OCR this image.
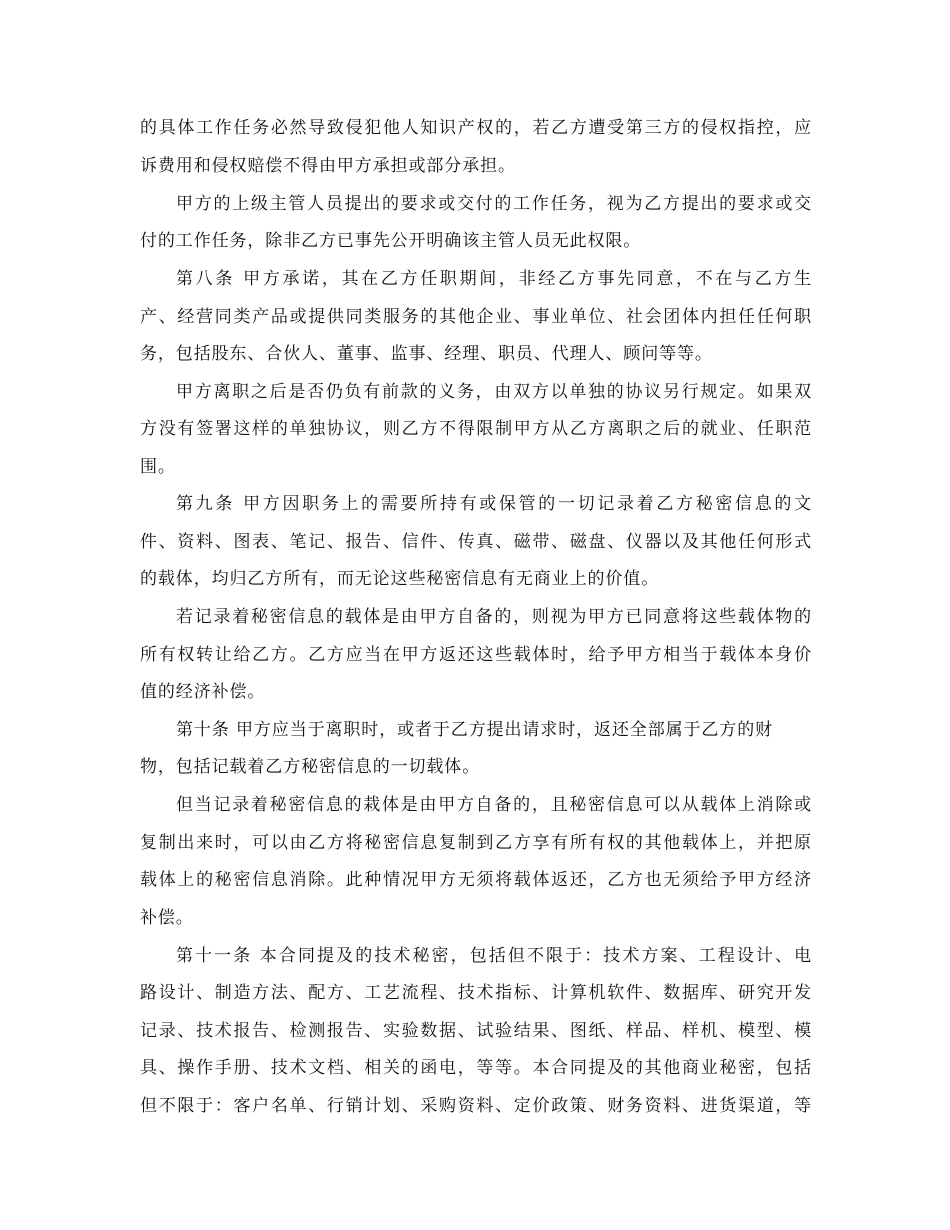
的具体工作任务必然导致侵犯他人知识产权的，若乙方遭受第三方的侵权指控，应
诉费用和侵权赔偿不得由甲方承担或部分承担。
甲方的上级主管人员提出的要求或交付的工作任务，视为乙方提出的要求或交
付的工作任务，除非乙方已事先公开明确该主管人员无此权限。
第八条 甲方承诺，其在乙方任职期间，非经乙方事先同意，不在与乙方生
产、经营同类产品或提供同类服务的其他企业、事业单位、社会团体内担任任何职
务，包括股东、合伙人、董事、监事、经理、职员、代理人、顾问等等。
甲方离职之后是否仍负有前款的义务，由双方以单独的协议另行规定。如果双
方没有签署这样的单独协议，则乙方不得限制甲方从乙方离职之后的就业、任职范
围。
第九条 甲方因职务上的需要所持有或保管的一切记录着乙方秘密信息的文
件、资料、图表、笔记、报告、信件、传真、磁带、磁盘、仪器以及其他任何形式
的载体，均归乙方所有，而无论这些秘密信息有无商业上的价值。
若记录着秘密信息的载体是由甲方自备的，则视为甲方已同意将这些载体物的
所有权转让给乙方。乙方应当在甲方返还这些载体时，给予甲方相当于载体本身价
值的经济补偿。
第十条 甲方应当于离职时，或者于乙方提出请求时，返还全部属于乙方的财
物，包括记载着乙方秘密信息的一切载体。
但当记录着秘密信息的栽体是由甲方自备的，且秘密信息可以从载体上消除或
复制出来时，可以由乙方将秘密信息复制到乙方享有所有权的其他载体上，并把原
载体上的秘密信息消除。此种情况甲方无须将载体返还，乙方也无须给予甲方经济
补偿。
第十一条 本合同提及的技术秘密，包括但不限于：技术方案、工程设计、电
路设计、制造方法、配方、工艺流程、技术指标、计算机软件、数据库、研究开发
记录、技术报告、检测报告、实验数据、试验结果、图纸、样品、样机、模型、模
具、操作手册、技术文档、相关的函电，等等。本合同提及的其他商业秘密，包括
但不限于：客户名单、行销计划、采购资料、定价政策、财务资料、进货渠道，等
